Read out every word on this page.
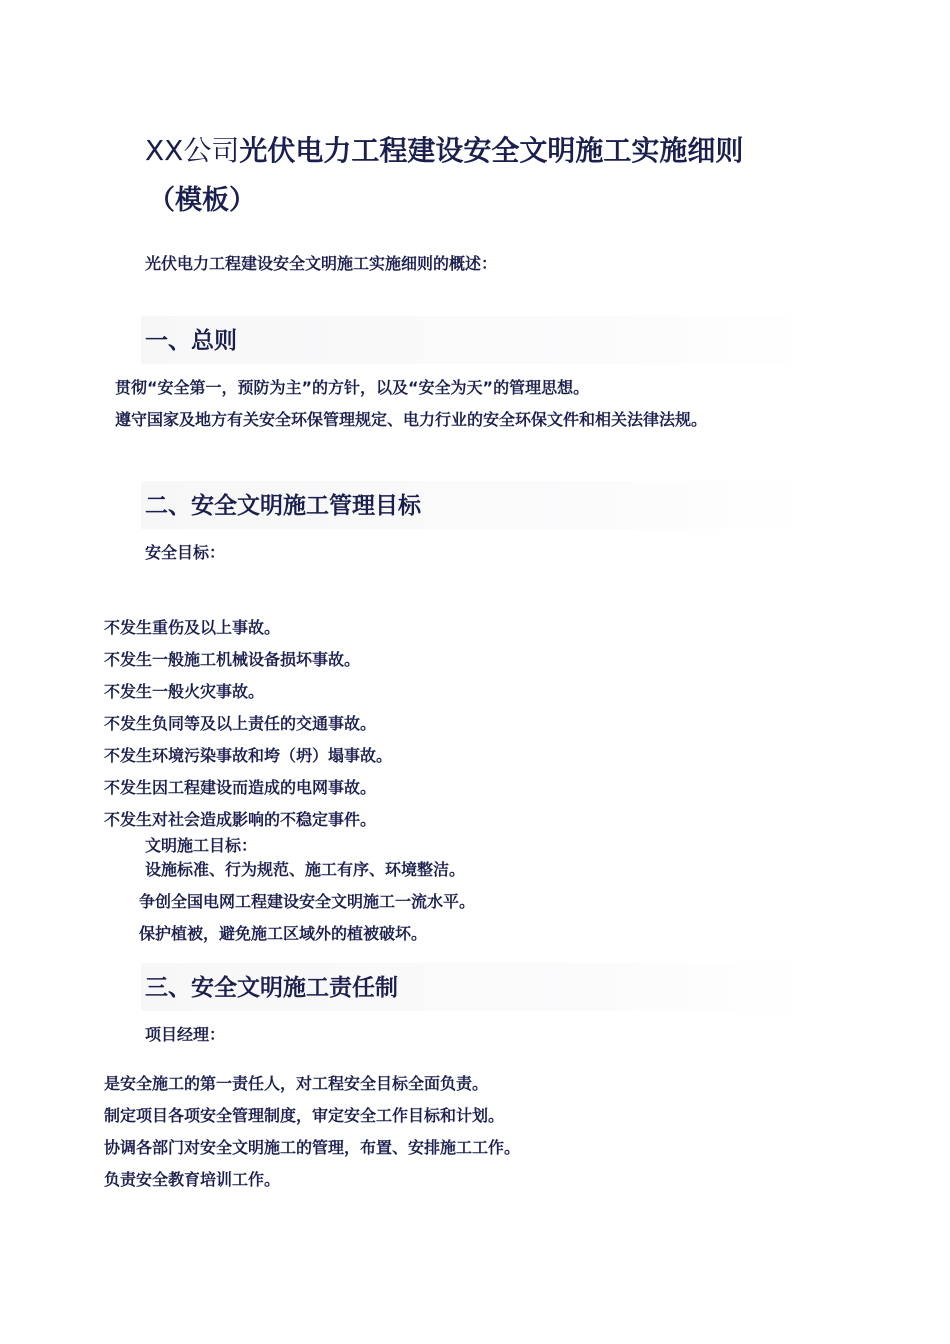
XX公司光伏电力工程建设安全文明施工实施细则
（模板）
光伏电力工程建设安全文明施工实施细则的概述：
一、总则
贯彻“安全第一，预防为主”的方针，以及“安全为天”的管理思想。
遵守国家及地方有关安全环保管理规定、电力行业的安全环保文件和相关法律法规。
二、安全文明施工管理目标
安全目标：
不发生重伤及以上事故。
不发生一般施工机械设备损坏事故。
不发生一般火灾事故。
不发生负同等及以上责任的交通事故。
不发生环境污染事故和垮（坍）塌事故。
不发生因工程建设而造成的电网事故。
不发生对社会造成影响的不稳定事件。
文明施工目标：
设施标准、行为规范、施工有序、环境整洁。
争创全国电网工程建设安全文明施工一流水平。
保护植被，避免施工区域外的植被破坏。
三、安全文明施工责任制
项目经理：
是安全施工的第一责任人，对工程安全目标全面负责。
制定项目各项安全管理制度，审定安全工作目标和计划。
协调各部门对安全文明施工的管理，布置、安排施工工作。
负责安全教育培训工作。
